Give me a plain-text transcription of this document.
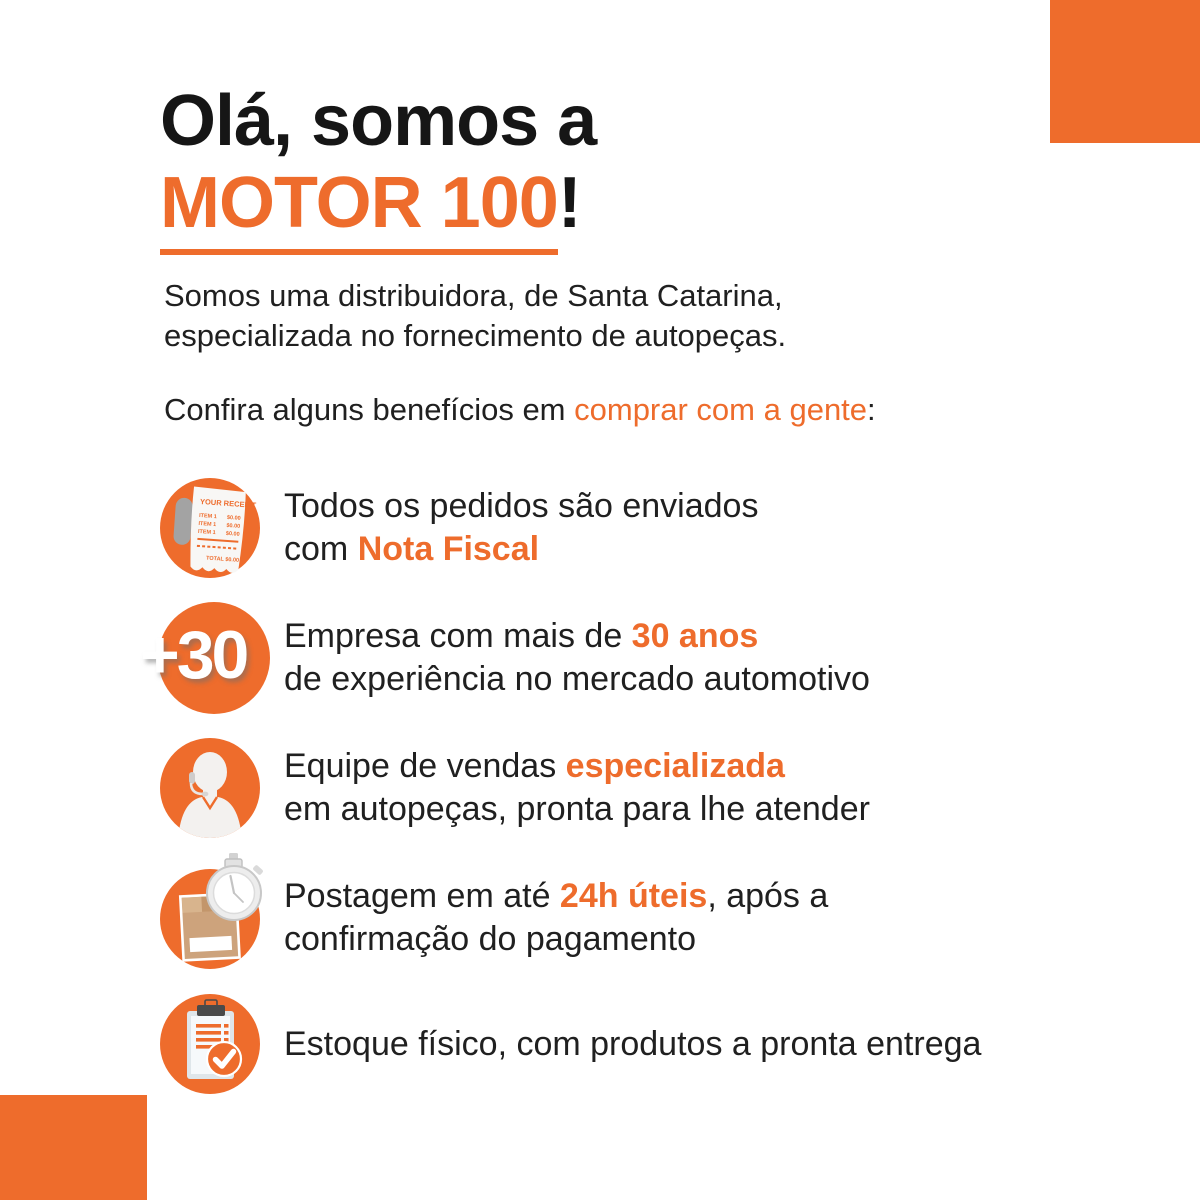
Olá, somos a
MOTOR 100!
Somos uma distribuidora, de Santa Catarina,
especializada no fornecimento de autopeças.
Confira alguns benefícios em comprar com a gente:
YOUR RECEIPT
ITEM 1 $0.00
ITEM 1 $0.00
ITEM 1 $0.00
TOTAL $0.00
Todos os pedidos são enviados
com Nota Fiscal
+30 Empresa com mais de 30 anos
de experiência no mercado automotivo
Equipe de vendas especializada
em autopeças, pronta para lhe atender
Postagem em até 24h úteis, após a
confirmação do pagamento
Estoque físico, com produtos a pronta entrega
